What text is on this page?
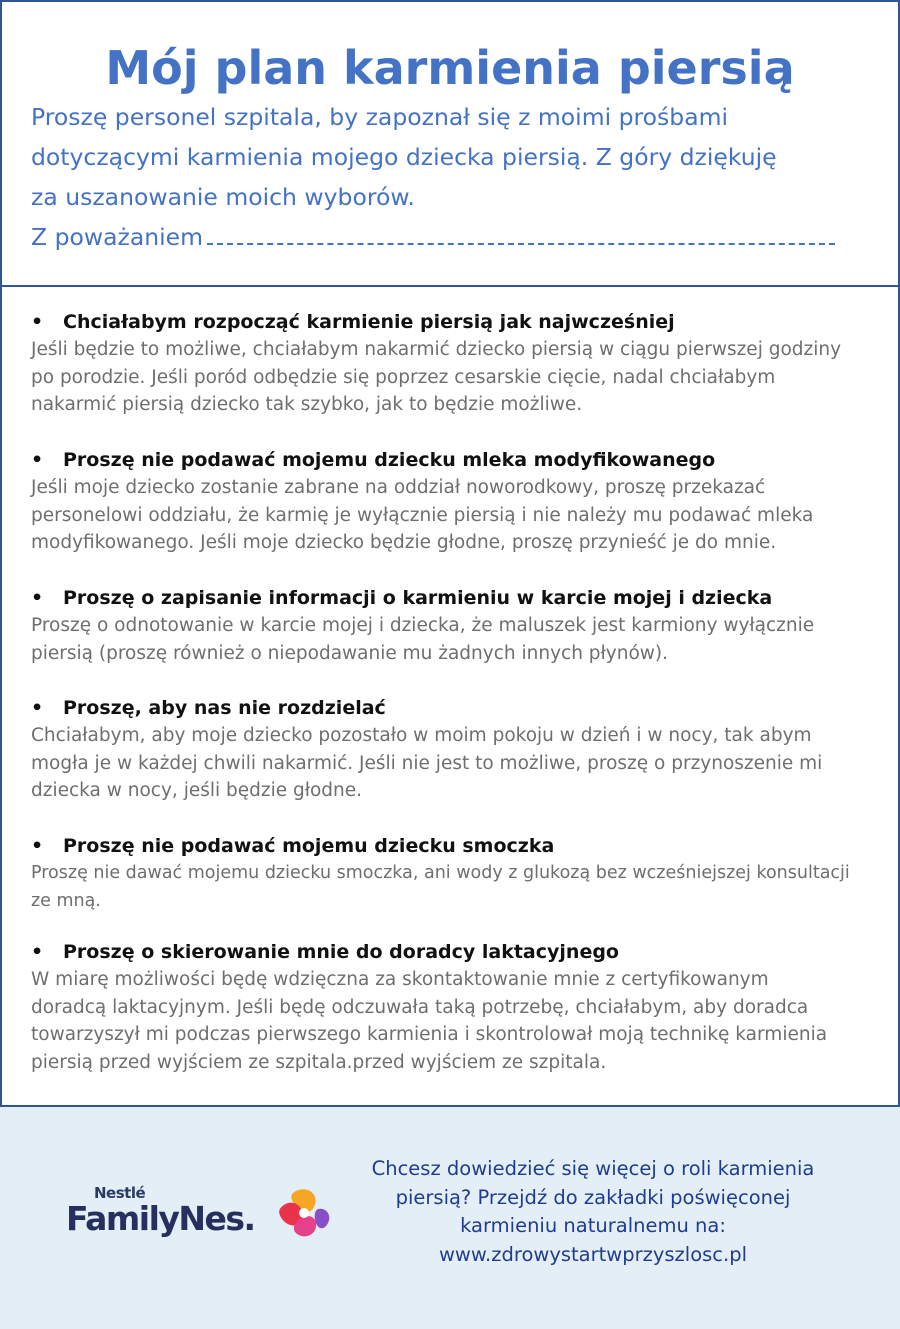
Mój plan karmienia piersią

Proszę personel szpitala, by zapoznał się z moimi prośbami

dotyczącymi karmienia mojego dziecka piersią. Z góry dziękuję

za uszanowanie moich wyborów.

Z poważaniem

• Chciałabym rozpocząć karmienie piersią jak najwcześniej

Jeśli będzie to możliwe, chciałabym nakarmić dziecko piersią w ciągu pierwszej godziny

po porodzie. Jeśli poród odbędzie się poprzez cesarskie cięcie, nadal chciałabym

nakarmić piersią dziecko tak szybko, jak to będzie możliwe.

• Proszę nie podawać mojemu dziecku mleka modyfikowanego

Jeśli moje dziecko zostanie zabrane na oddział noworodkowy, proszę przekazać

personelowi oddziału, że karmię je wyłącznie piersią i nie należy mu podawać mleka

modyfikowanego. Jeśli moje dziecko będzie głodne, proszę przynieść je do mnie.

• Proszę o zapisanie informacji o karmieniu w karcie mojej i dziecka

Proszę o odnotowanie w karcie mojej i dziecka, że maluszek jest karmiony wyłącznie

piersią (proszę również o niepodawanie mu żadnych innych płynów).

• Proszę, aby nas nie rozdzielać

Chciałabym, aby moje dziecko pozostało w moim pokoju w dzień i w nocy, tak abym

mogła je w każdej chwili nakarmić. Jeśli nie jest to możliwe, proszę o przynoszenie mi

dziecka w nocy, jeśli będzie głodne.

• Proszę nie podawać mojemu dziecku smoczka

Proszę nie dawać mojemu dziecku smoczka, ani wody z glukozą bez wcześniejszej konsultacji

ze mną.

• Proszę o skierowanie mnie do doradcy laktacyjnego

W miarę możliwości będę wdzięczna za skontaktowanie mnie z certyfikowanym

doradcą laktacyjnym. Jeśli będę odczuwała taką potrzebę, chciałabym, aby doradca

towarzyszył mi podczas pierwszego karmienia i skontrolował moją technikę karmienia

piersią przed wyjściem ze szpitala.przed wyjściem ze szpitala.

Nestlé
FamilyNes.

Chcesz dowiedzieć się więcej o roli karmienia

piersią? Przejdź do zakładki poświęconej

karmieniu naturalnemu na:

www.zdrowystartwprzyszlosc.pl
